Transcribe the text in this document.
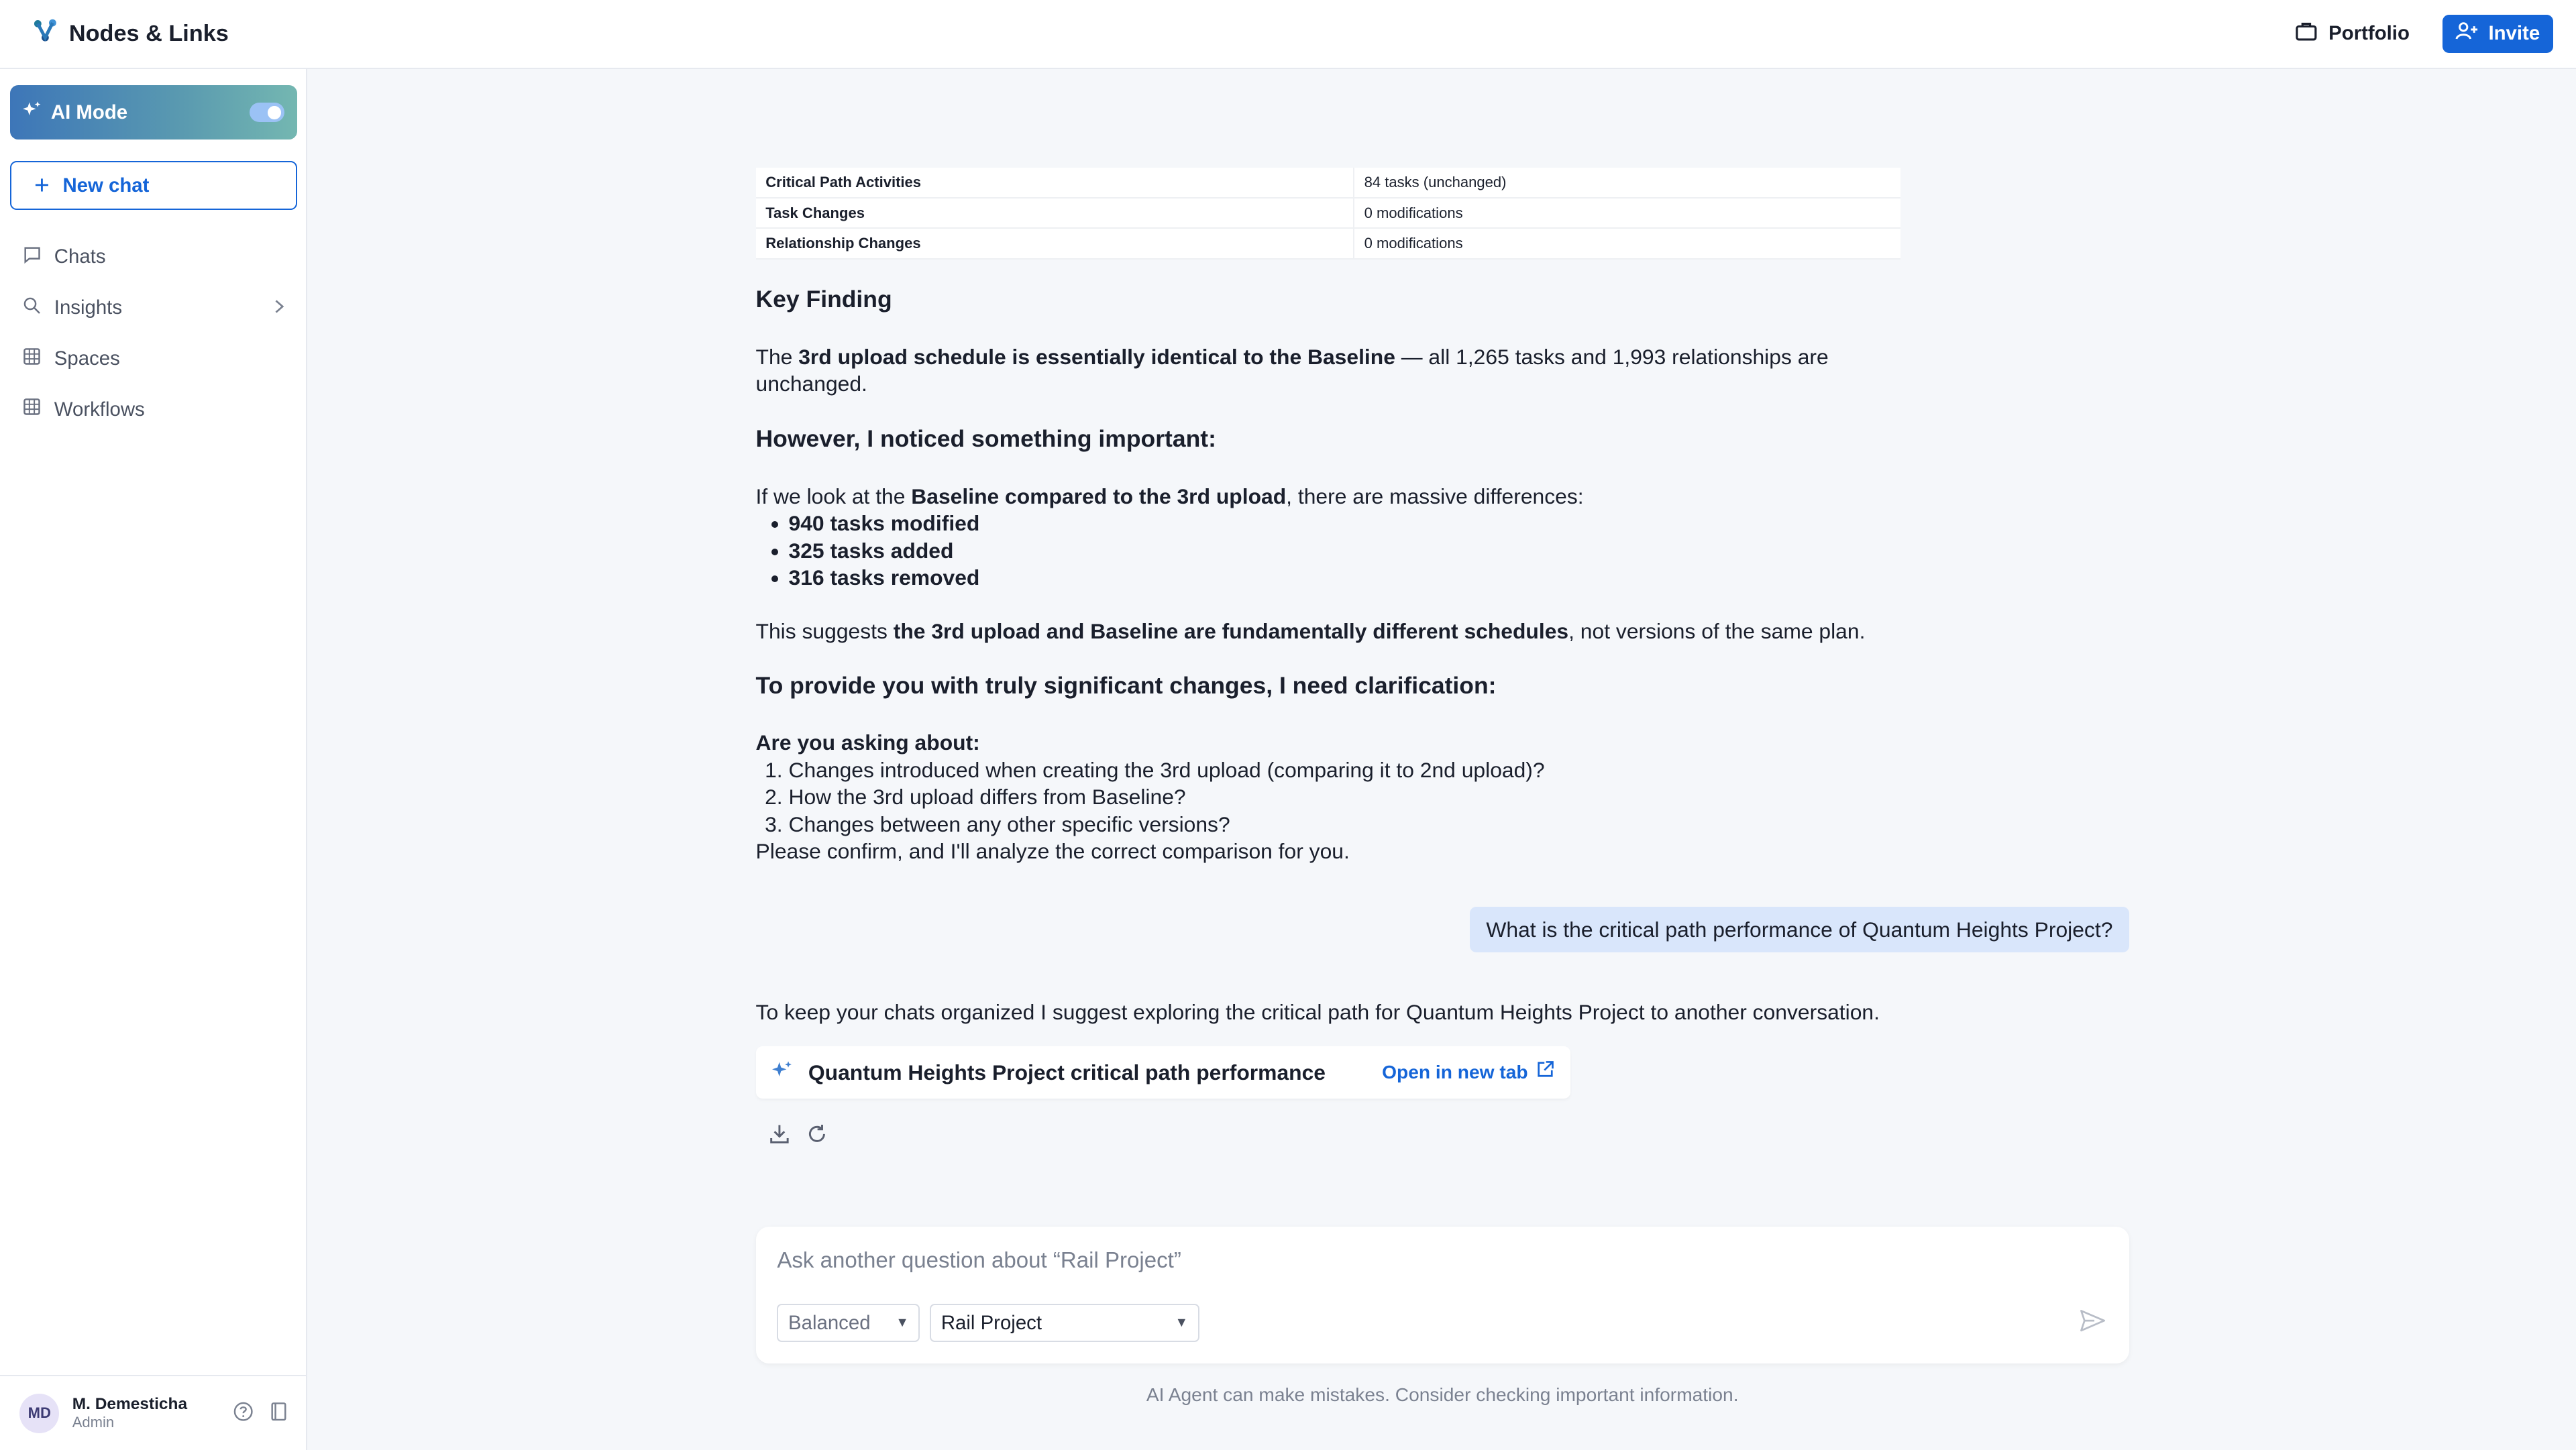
Nodes & Links	Portfolio	Invite
AI Mode
+ New chat
Chats
Insights
Spaces
Workflows
MD	M. Demesticha
Admin
Critical Path Activities	84 tasks (unchanged)
Task Changes	0 modifications
Relationship Changes	0 modifications
Key Finding

The 3rd upload schedule is essentially identical to the Baseline — all 1,265 tasks and 1,993 relationships are unchanged.

However, I noticed something important:

If we look at the Baseline compared to the 3rd upload, there are massive differences:

• 940 tasks modified
• 325 tasks added
• 316 tasks removed

This suggests the 3rd upload and Baseline are fundamentally different schedules, not versions of the same plan.

To provide you with truly significant changes, I need clarification:

Are you asking about:

1. Changes introduced when creating the 3rd upload (comparing it to 2nd upload)?
2. How the 3rd upload differs from Baseline?
3. Changes between any other specific versions?

Please confirm, and I'll analyze the correct comparison for you.

What is the critical path performance of Quantum Heights Project?

To keep your chats organized I suggest exploring the critical path for Quantum Heights Project to another conversation.

Quantum Heights Project critical path performance	Open in new tab
Ask another question about “Rail Project”
Balanced	▼	Rail Project	▼
AI Agent can make mistakes. Consider checking important information.
